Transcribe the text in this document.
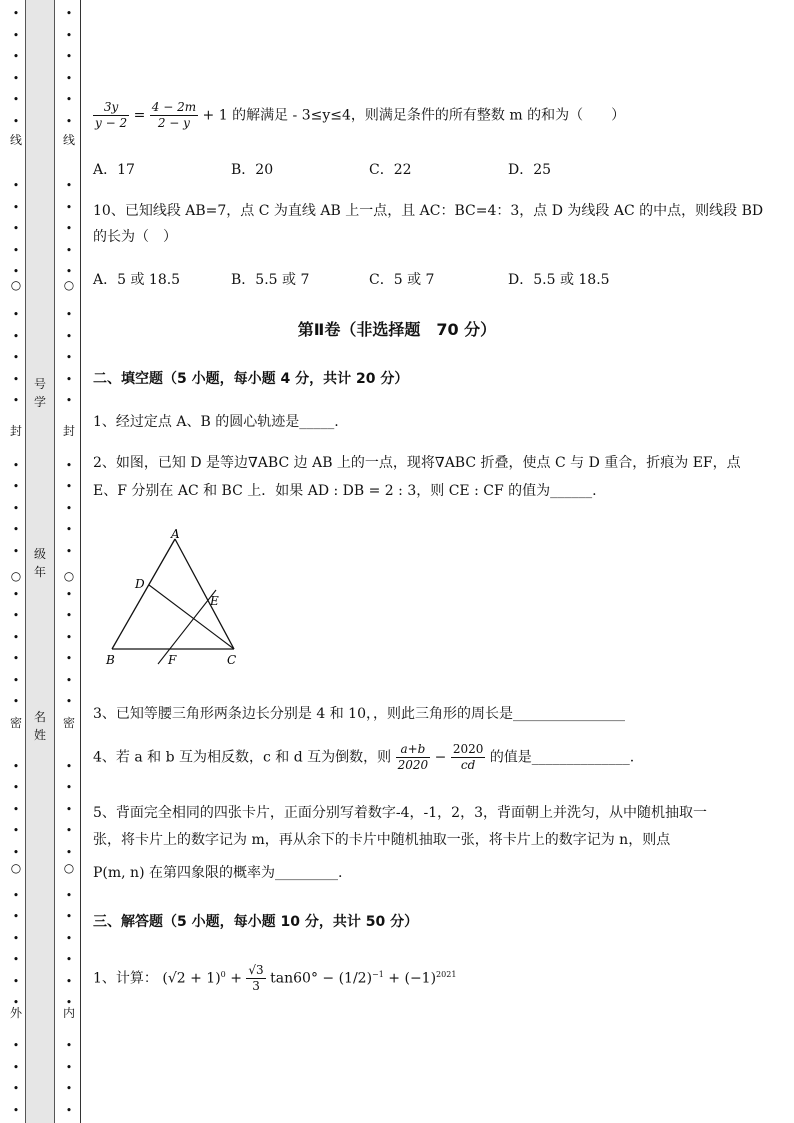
号学
级年
名姓
线
封
密
外
线
封
密
内
$\frac{3y}{y - 2} = \frac{4 - 2m}{2 - y} + 1$ 的解满足 - 3≤y≤4，则满足条件的所有整数 m 的和为（　　）
A．17	B．20	C．22	D．25
10、已知线段 AB=7，点 C 为直线 AB 上一点，且 AC：BC=4：3，点 D 为线段 AC 的中点，则线段 BD
的长为（　）
A．5 或 18.5	B．5.5 或 7	C．5 或 7	D．5.5 或 18.5
第Ⅱ卷（非选择题　70 分）
二、填空题（5 小题，每小题 4 分，共计 20 分）
1、经过定点 A、B 的圆心轨迹是_____.
2、如图，已知 D 是等边∇ABC 边 AB 上的一点，现将∇ABC 折叠，使点 C 与 D 重合，折痕为 EF，点
E、F 分别在 AC 和 BC 上．如果 AD : DB = 2 : 3，则 CE : CF 的值为______.
A
D
E
B	F	C
3、已知等腰三角形两条边长分别是 4 和 10，，则此三角形的周长是________________
4、若 a 和 b 互为相反数，c 和 d 互为倒数，则 $\frac{a+b}{2020} - \frac{2020}{cd}$ 的值是______________.
5、背面完全相同的四张卡片，正面分别写着数字-4，-1，2，3，背面朝上并洗匀，从中随机抽取一
张，将卡片上的数字记为 m，再从余下的卡片中随机抽取一张，将卡片上的数字记为 n，则点
P(m, n) 在第四象限的概率为_________.
三、解答题（5 小题，每小题 10 分，共计 50 分）
1、计算： $(√2 + 1)^0 + \frac{√3}{3} \tan 60^\circ - (1/2)^{-1} + (-1)^{2021}$
•
•
•
•
•
•
•
•
•
•
•
•
•
•
•
•
•
•
•
•
•
•
•
•
•
•
•
•
•
•
•
•
•
•
•
•
•
•
•
•
•
•
○
○
○
•
•
•
•
•
•
•
•
•
•
•
•
•
•
•
•
•
•
•
•
•
•
•
•
•
•
•
•
•
•
•
•
•
•
•
•
•
•
•
•
•
•
○
○
○
